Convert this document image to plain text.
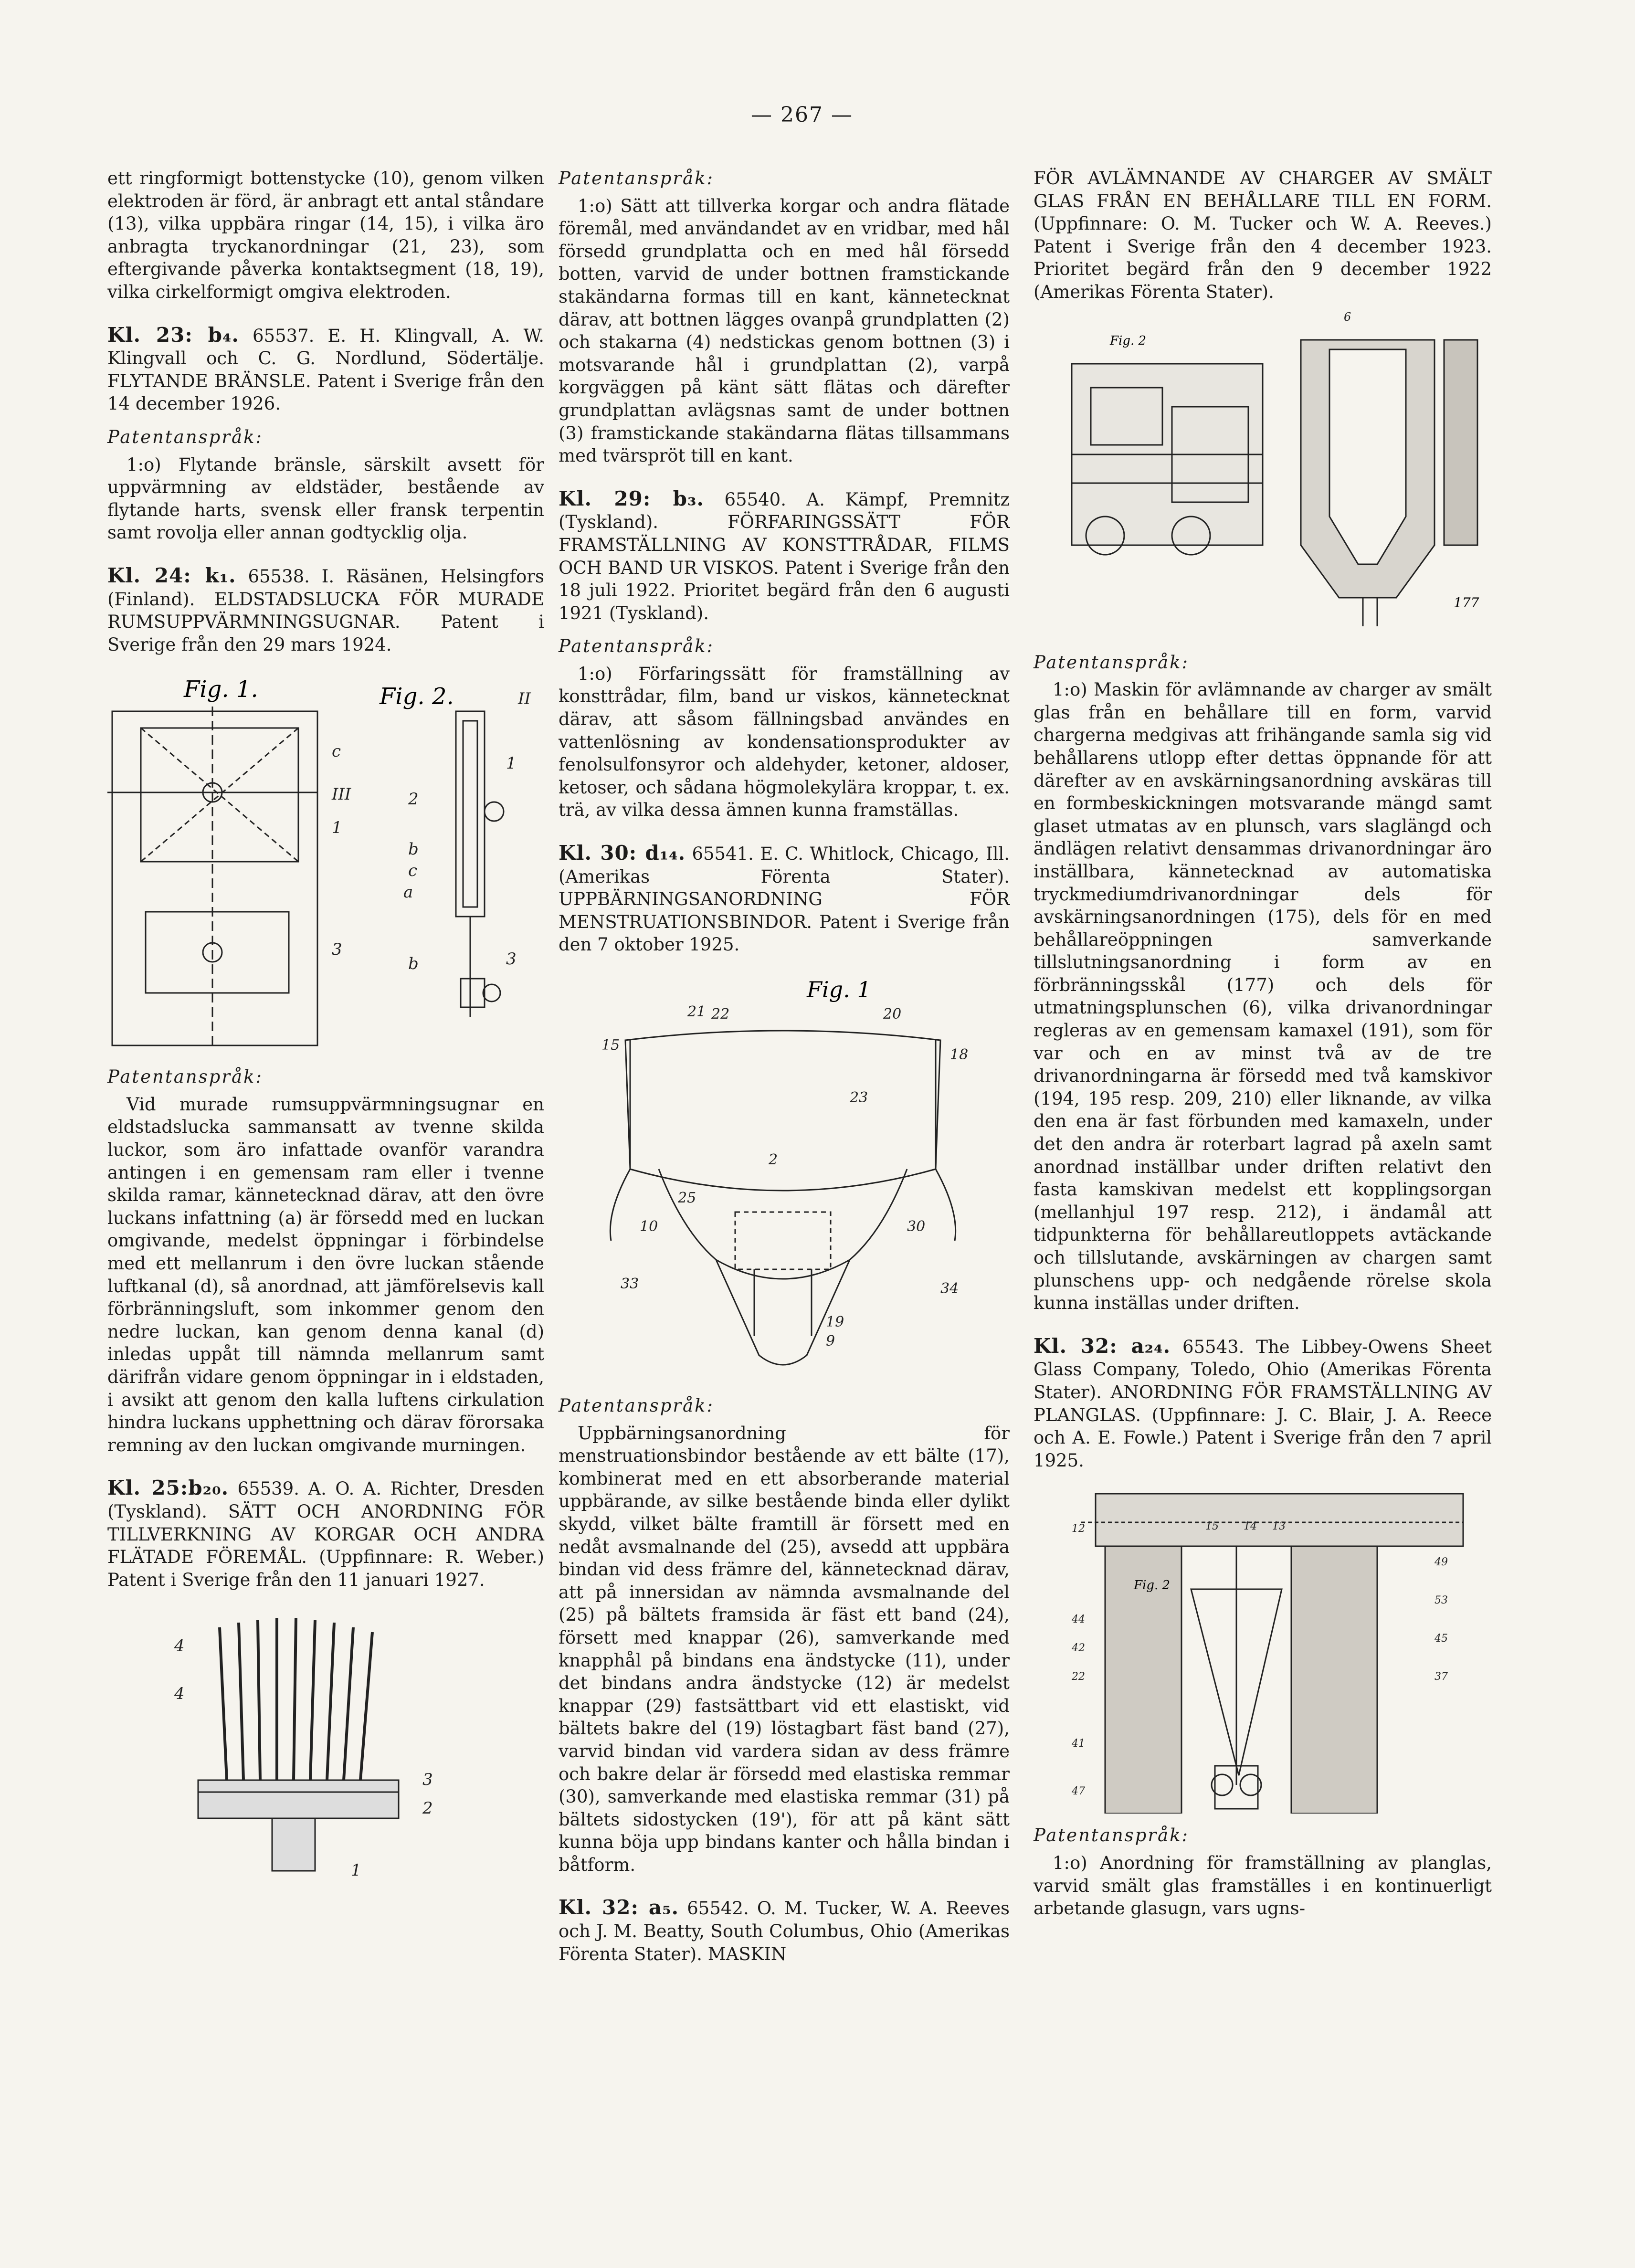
— 267 —

ett ringformigt bottenstycke (10), genom vilken elektroden är förd, är anbragt ett antal ståndare (13), vilka uppbära ringar (14, 15), i vilka äro anbragta tryckanordningar (21, 23), som eftergivande påverka kontaktsegment (18, 19), vilka cirkelformigt omgiva elektroden.

Kl. 23: b₄. 65537. E. H. Klingvall, A. W. Klingvall och C. G. Nordlund, Södertälje. FLYTANDE BRÄNSLE. Patent i Sverige från den 14 december 1926.

Patentanspråk:

1:o) Flytande bränsle, särskilt avsett för uppvärmning av eldstäder, bestående av flytande harts, svensk eller fransk terpentin samt rovolja eller annan godtycklig olja.

Kl. 24: k₁. 65538. I. Räsänen, Helsingfors (Finland). ELDSTADSLUCKA FÖR MURADE RUMSUPPVÄRMNINGSUGNAR. Patent i Sverige från den 29 mars 1924.

Fig. 1.	Fig. 2.
c
III
1
3
2
b
c
a
b
1
3
II
Patentanspråk:

Vid murade rumsuppvärmningsugnar en eldstadslucka sammansatt av tvenne skilda luckor, som äro infattade ovanför varandra antingen i en gemensam ram eller i tvenne skilda ramar, kännetecknad därav, att den övre luckans infattning (a) är försedd med en luckan omgivande, medelst öppningar i förbindelse med ett mellanrum i den övre luckan stående luftkanal (d), så anordnad, att jämförelsevis kall förbränningsluft, som inkommer genom den nedre luckan, kan genom denna kanal (d) inledas uppåt till nämnda mellanrum samt därifrån vidare genom öppningar in i eldstaden, i avsikt att genom den kalla luftens cirkulation hindra luckans upphettning och därav förorsaka remning av den luckan omgivande murningen.

Kl. 25:b₂₀. 65539. A. O. A. Richter, Dresden (Tyskland). SÄTT OCH ANORDNING FÖR TILLVERKNING AV KORGAR OCH ANDRA FLÄTADE FÖREMÅL. (Uppfinnare: R. Weber.) Patent i Sverige från den 11 januari 1927.

4
4
3
2
1
Patentanspråk:

1:o) Sätt att tillverka korgar och andra flätade föremål, med användandet av en vridbar, med hål försedd grundplatta och en med hål försedd botten, varvid de under bottnen framstickande stakändarna formas till en kant, kännetecknat därav, att bottnen lägges ovanpå grundplatten (2) och stakarna (4) nedstickas genom bottnen (3) i motsvarande hål i grundplattan (2), varpå korgväggen på känt sätt flätas och därefter grundplattan avlägsnas samt de under bottnen (3) framstickande stakändarna flätas tillsammans med tvärspröt till en kant.

Kl. 29: b₃. 65540. A. Kämpf, Premnitz (Tyskland). FÖRFARINGSSÄTT FÖR FRAMSTÄLLNING AV KONSTTRÅDAR, FILMS OCH BAND UR VISKOS. Patent i Sverige från den 18 juli 1922. Prioritet begärd från den 6 augusti 1921 (Tyskland).

Patentanspråk:

1:o) Förfaringssätt för framställning av konsttrådar, film, band ur viskos, kännetecknat därav, att såsom fällningsbad användes en vattenlösning av kondensationsprodukter av fenolsulfonsyror och aldehyder, ketoner, aldoser, ketoser, och sådana högmolekylära kroppar, t. ex. trä, av vilka dessa ämnen kunna framställas.

Kl. 30: d₁₄. 65541. E. C. Whitlock, Chicago, Ill. (Amerikas Förenta Stater). UPPBÄRNINGSANORDNING FÖR MENSTRUATIONSBINDOR. Patent i Sverige från den 7 oktober 1925.

Fig. 1
21 22	20
15
18
23
2
10
25
30
33	34
19
9
Patentanspråk:

Uppbärningsanordning för menstruationsbindor bestående av ett bälte (17), kombinerat med en ett absorberande material uppbärande, av silke bestående binda eller dylikt skydd, vilket bälte framtill är försett med en nedåt avsmalnande del (25), avsedd att uppbära bindan vid dess främre del, kännetecknad därav, att på innersidan av nämnda avsmalnande del (25) på bältets framsida är fäst ett band (24), försett med knappar (26), samverkande med knapphål på bindans ena ändstycke (11), under det bindans andra ändstycke (12) är medelst knappar (29) fastsättbart vid ett elastiskt, vid bältets bakre del (19) löstagbart fäst band (27), varvid bindan vid vardera sidan av dess främre och bakre delar är försedd med elastiska remmar (30), samverkande med elastiska remmar (31) på bältets sidostycken (19'), för att på känt sätt kunna böja upp bindans kanter och hålla bindan i båtform.

Kl. 32: a₅. 65542. O. M. Tucker, W. A. Reeves och J. M. Beatty, South Columbus, Ohio (Amerikas Förenta Stater). MASKIN

FÖR AVLÄMNANDE AV CHARGER AV SMÄLT GLAS FRÅN EN BEHÅLLARE TILL EN FORM. (Uppfinnare: O. M. Tucker och W. A. Reeves.) Patent i Sverige från den 4 december 1923. Prioritet begärd från den 9 december 1922 (Amerikas Förenta Stater).

Fig. 2
6
177
Patentanspråk:

1:o) Maskin för avlämnande av charger av smält glas från en behållare till en form, varvid chargerna medgivas att frihängande samla sig vid behållarens utlopp efter dettas öppnande för att därefter av en avskärningsanordning avskäras till en formbeskickningen motsvarande mängd samt glaset utmatas av en plunsch, vars slaglängd och ändlägen relativt densammas drivanordningar äro inställbara, kännetecknad av automatiska tryckmediumdrivanordningar dels för avskärningsanordningen (175), dels för en med behållareöppningen samverkande tillslutningsanordning i form av en förbränningsskål (177) och dels för utmatningsplunschen (6), vilka drivanordningar regleras av en gemensam kamaxel (191), som för var och en av minst två av de tre drivanordningarna är försedd med två kamskivor (194, 195 resp. 209, 210) eller liknande, av vilka den ena är fast förbunden med kamaxeln, under det den andra är roterbart lagrad på axeln samt anordnad inställbar under driften relativt den fasta kamskivan medelst ett kopplingsorgan (mellanhjul 197 resp. 212), i ändamål att tidpunkterna för behållareutloppets avtäckande och tillslutande, avskärningen av chargen samt plunschens upp- och nedgående rörelse skola kunna inställas under driften.

Kl. 32: a₂₄. 65543. The Libbey-Owens Sheet Glass Company, Toledo, Ohio (Amerikas Förenta Stater). ANORDNING FÖR FRAMSTÄLLNING AV PLANGLAS. (Uppfinnare: J. C. Blair, J. A. Reece och A. E. Fowle.) Patent i Sverige från den 7 april 1925.

Fig. 2
12	15 14 13
49
53
45
37
44
42
22
41
47
Patentanspråk:

1:o) Anordning för framställning av planglas, varvid smält glas framställes i en kontinuerligt arbetande glasugn, vars ugns-
